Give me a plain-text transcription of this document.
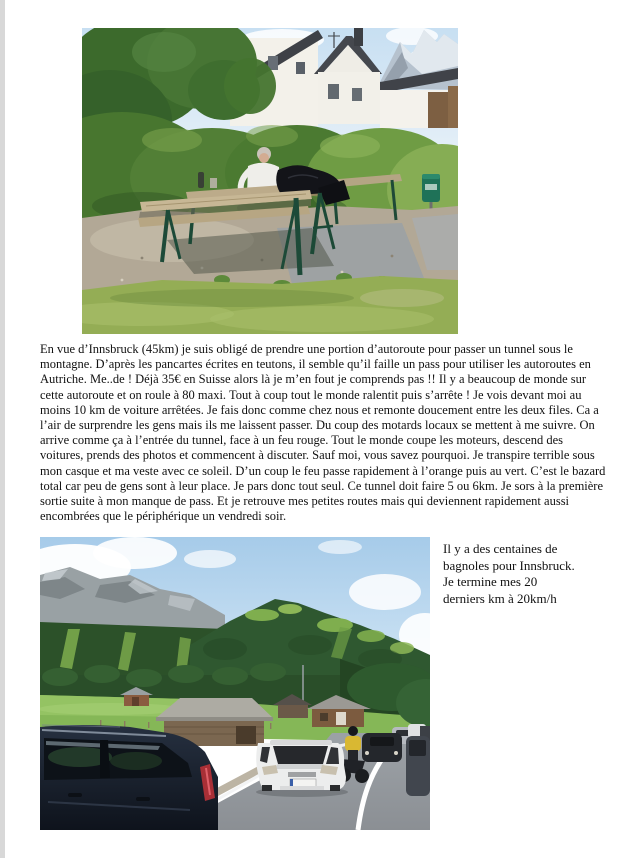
En vue d’Innsbruck (45km) je suis obligé de prendre une portion d’autoroute pour passer un tunnel sous le montagne. D’après les pancartes écrites en teutons, il semble qu’il faille un pass pour utiliser les autoroutes en Autriche. Me..de ! Déjà 35€ en Suisse alors là je m’en fout je comprends pas !! Il y a beaucoup de monde sur cette autoroute et on roule à 80 maxi. Tout à coup tout le monde ralentit puis s’arrête ! Je vois devant moi au moins 10 km de voiture arrêtées. Je fais donc comme chez nous et remonte doucement entre les deux files. Ca a l’air de surprendre les gens mais ils me laissent passer. Du coup des motards locaux se mettent à me suivre. On arrive comme ça à l’entrée du tunnel, face à un feu rouge. Tout le monde coupe les moteurs, descend des voitures, prends des photos et commencent à discuter. Sauf moi, vous savez pourquoi. Je transpire terrible sous mon casque et ma veste avec ce soleil. D’un coup le feu passe rapidement à l’orange puis au vert. C’est le bazard total car peu de gens sont à leur place. Je pars donc tout seul. Ce tunnel doit faire 5 ou 6km. Je sors à la première sortie suite à mon manque de pass. Et je retrouve mes petites routes mais qui deviennent rapidement aussi encombrées que le périphérique un vendredi soir.

Il y a des centaines de bagnoles pour Innsbruck. Je termine mes 20 derniers km à 20km/h
